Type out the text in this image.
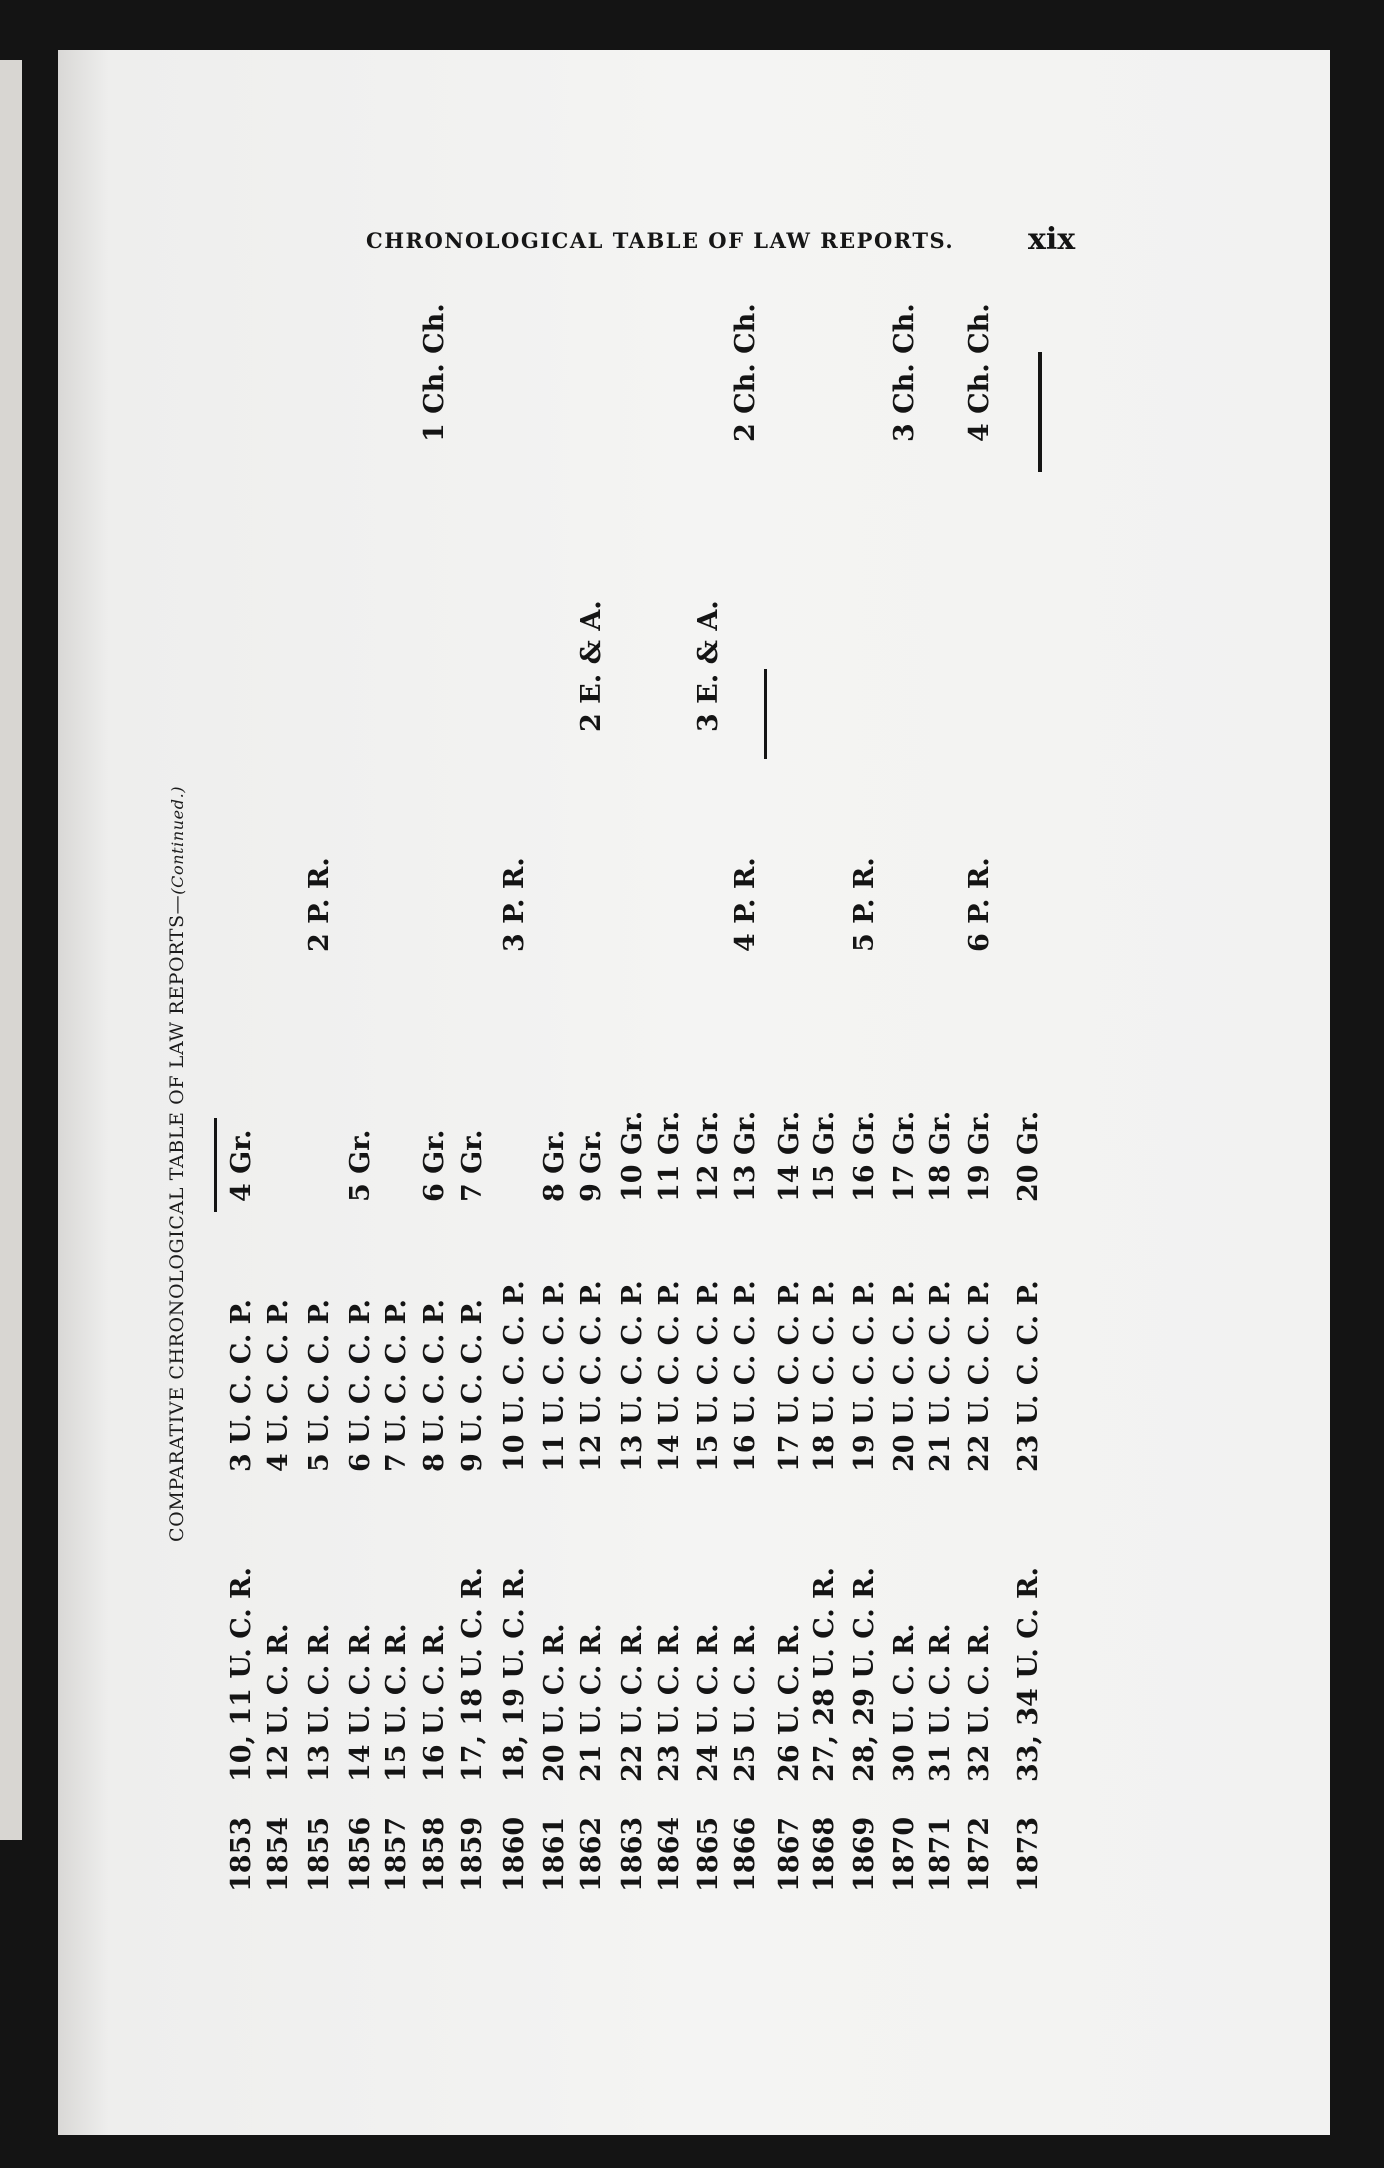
CHRONOLOGICAL TABLE OF LAW REPORTS. xix
COMPARATIVE CHRONOLOGICAL TABLE OF LAW REPORTS—(Continued.)
1853
10, 11 U. C. R.
3 U. C. C. P.
4 Gr.
1854
12 U. C. R.
4 U. C. C. P.
1855
13 U. C. R.
5 U. C. C. P.
2 P. R.
1856
14 U. C. R.
6 U. C. C. P.
5 Gr.
1857
15 U. C. R.
7 U. C. C. P.
1858
16 U. C. R.
8 U. C. C. P.
6 Gr.
1 Ch. Ch.
1859
17, 18 U. C. R.
9 U. C. C. P.
7 Gr.
1860
18, 19 U. C. R.
10 U. C. C. P.
3 P. R.
1861
20 U. C. R.
11 U. C. C. P.
8 Gr.
1862
21 U. C. R.
12 U. C. C. P.
9 Gr.
2 E. & A.
1863
22 U. C. R.
13 U. C. C. P.
10 Gr.
1864
23 U. C. R.
14 U. C. C. P.
11 Gr.
1865
24 U. C. R.
15 U. C. C. P.
12 Gr.
3 E. & A.
1866
25 U. C. R.
16 U. C. C. P.
13 Gr.
4 P. R.
2 Ch. Ch.
1867
26 U. C. R.
17 U. C. C. P.
14 Gr.
1868
27, 28 U. C. R.
18 U. C. C. P.
15 Gr.
1869
28, 29 U. C. R.
19 U. C. C. P.
16 Gr.
5 P. R.
1870
30 U. C. R.
20 U. C. C. P.
17 Gr.
3 Ch. Ch.
1871
31 U. C. R.
21 U. C. C. P.
18 Gr.
1872
32 U. C. R.
22 U. C. C. P.
19 Gr.
6 P. R.
4 Ch. Ch.
1873
33, 34 U. C. R.
23 U. C. C. P.
20 Gr.
